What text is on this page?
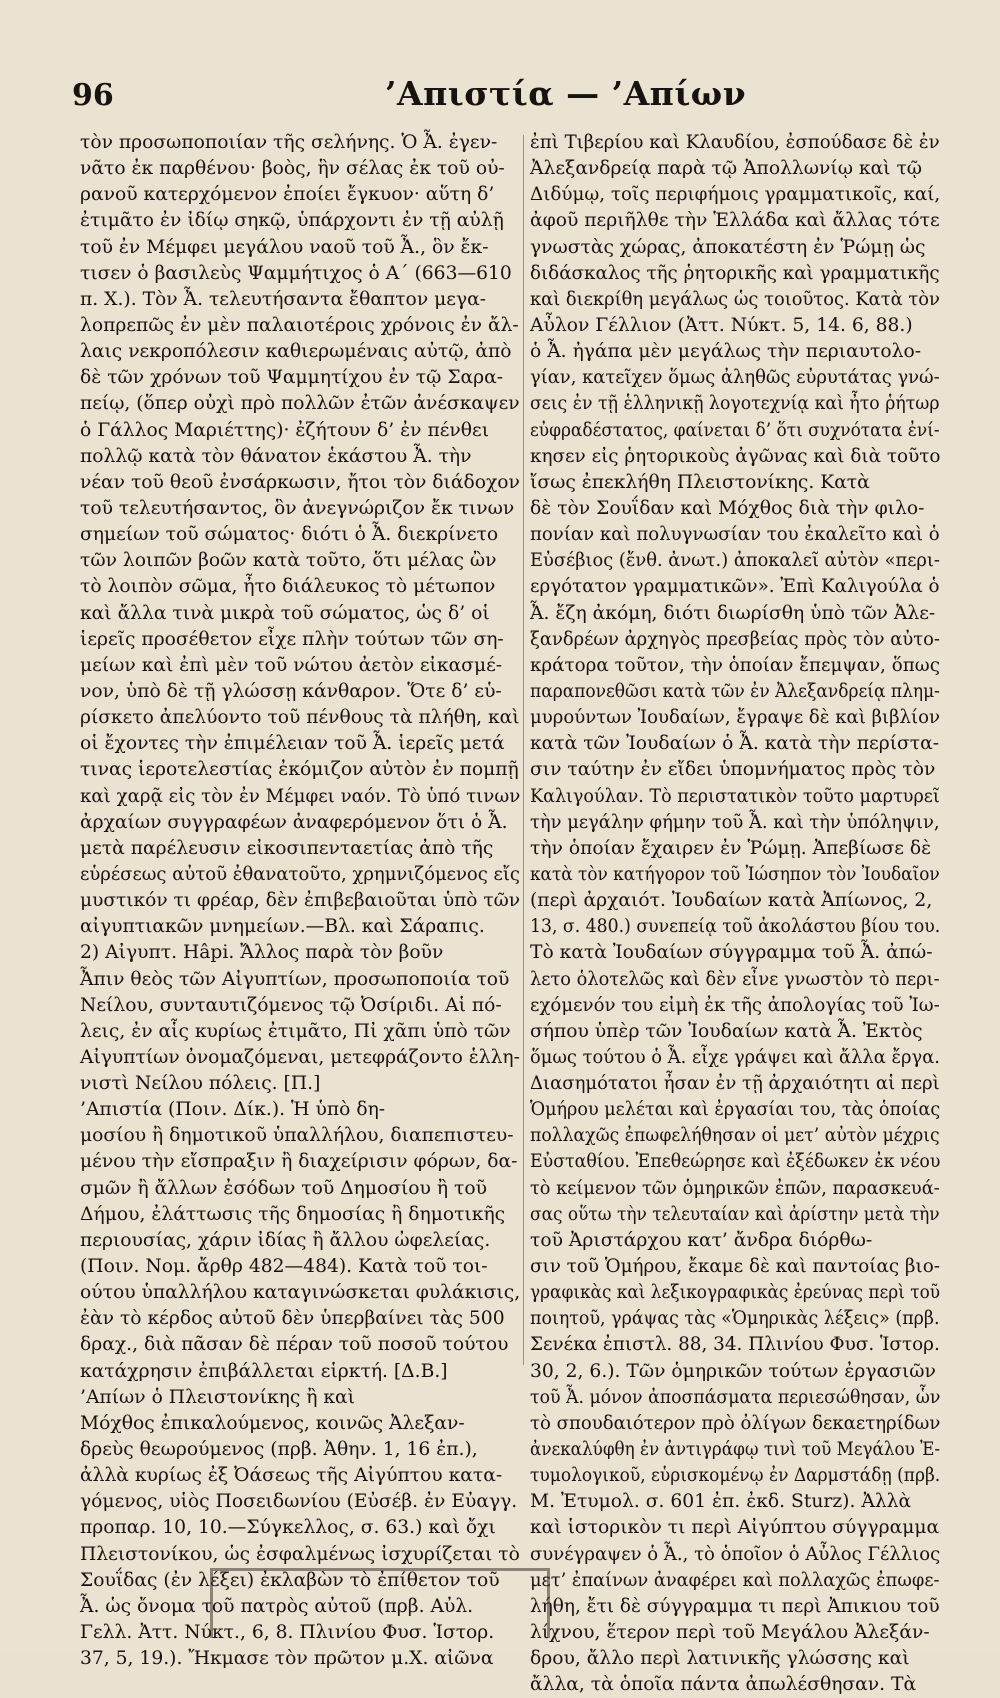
96	’Απιστία — ’Απίων
τὸν προσωποποιίαν τῆς σελήνης. Ὁ Ἆ. ἐγεν-
νᾶτο ἐκ παρθένου· βοὸς, ἣν σέλας ἐκ τοῦ οὐ-
ρανοῦ κατερχόμενον ἐποίει ἔγκυον· αὕτη δ’
ἐτιμᾶτο ἐν ἰδίῳ σηκῷ, ὑπάρχοντι ἐν τῇ αὐλῇ
τοῦ ἐν Μέμφει μεγάλου ναοῦ τοῦ Ἆ., ὃν ἔκ-
τισεν ὁ βασιλεὺς Ψαμμήτιχος ὁ Α΄ (663—610
π. Χ.). Τὸν Ἆ. τελευτήσαντα ἔθαπτον μεγα-
λοπρεπῶς ἐν μὲν παλαιοτέροις χρόνοις ἐν ἄλ-
λαις νεκροπόλεσιν καθιερωμέναις αὐτῷ, ἀπὸ
δὲ τῶν χρόνων τοῦ Ψαμμητίχου ἐν τῷ Σαρα-
πείῳ, (ὅπερ οὐχὶ πρὸ πολλῶν ἐτῶν ἀνέσκαψεν
ὁ Γάλλος Μαριέττης)· ἐζήτουν δ’ ἐν πένθει
πολλῷ κατὰ τὸν θάνατον ἑκάστου Ἆ. τὴν
νέαν τοῦ θεοῦ ἐνσάρκωσιν, ἤτοι τὸν διάδοχον
τοῦ τελευτήσαντος, ὃν ἀνεγνώριζον ἔκ τινων
σημείων τοῦ σώματος· διότι ὁ Ἆ. διεκρίνετο
τῶν λοιπῶν βοῶν κατὰ τοῦτο, ὅτι μέλας ὢν
τὸ λοιπὸν σῶμα, ἦτο διάλευκος τὸ μέτωπον
καὶ ἄλλα τινὰ μικρὰ τοῦ σώματος, ὡς δ’ οἱ
ἱερεῖς προσέθετον εἶχε πλὴν τούτων τῶν ση-
μείων καὶ ἐπὶ μὲν τοῦ νώτου ἀετὸν εἰκασμέ-
νον, ὑπὸ δὲ τῇ γλώσσῃ κάνθαρον. Ὅτε δ’ εὑ-
ρίσκετο ἀπελύοντο τοῦ πένθους τὰ πλήθη, καὶ
οἱ ἔχοντες τὴν ἐπιμέλειαν τοῦ Ἆ. ἱερεῖς μετά
τινας ἱεροτελεστίας ἐκόμιζον αὐτὸν ἐν πομπῇ
καὶ χαρᾷ εἰς τὸν ἐν Μέμφει ναόν. Τὸ ὑπό τινων
ἀρχαίων συγγραφέων ἀναφερόμενον ὅτι ὁ Ἆ.
μετὰ παρέλευσιν εἰκοσιπενταετίας ἀπὸ τῆς
εὑρέσεως αὐτοῦ ἐθανατοῦτο, χρημνιζόμενος εἴς
μυστικόν τι φρέαρ, δὲν ἐπιβεβαιοῦται ὑπὸ τῶν
αἰγυπτιακῶν μνημείων.—Βλ. καὶ Σάραπις.
2) Αἰγυπτ. Hâpi. Ἄλλος παρὰ τὸν βοῦν
Ἆπιν θεὸς τῶν Αἰγυπτίων, προσωποποιία τοῦ
Νείλου, συνταυτιζόμενος τῷ Ὀσίριδι. Αἱ πό-
λεις, ἐν αἷς κυρίως ἐτιμᾶτο, Πἰ χᾶπι ὑπὸ τῶν
Αἰγυπτίων ὀνομαζόμεναι, μετεφράζοντο ἑλλη-
νιστὶ Νείλου πόλεις. [Π.]
’Απιστία (Ποιν. Δίκ.). Ἡ ὑπὸ δη-
μοσίου ἢ δημοτικοῦ ὑπαλλήλου, διαπεπιστευ-
μένου τὴν εἴσπραξιν ἢ διαχείρισιν φόρων, δα-
σμῶν ἢ ἄλλων ἐσόδων τοῦ Δημοσίου ἢ τοῦ
Δήμου, ἐλάττωσις τῆς δημοσίας ἢ δημοτικῆς
περιουσίας, χάριν ἰδίας ἢ ἄλλου ὠφελείας.
(Ποιν. Νομ. ἄρθρ 482—484). Κατὰ τοῦ τοι-
ούτου ὑπαλλήλου καταγινώσκεται φυλάκισις,
ἐὰν τὸ κέρδος αὐτοῦ δὲν ὑπερβαίνει τὰς 500
δραχ., διὰ πᾶσαν δὲ πέραν τοῦ ποσοῦ τούτου
κατάχρησιν ἐπιβάλλεται εἱρκτή. [Δ.Β.]
’Απίων ὁ Πλειστονίκης ἢ καὶ
Μόχθος ἐπικαλούμενος, κοινῶς Ἀλεξαν-
δρεὺς θεωρούμενος (πρβ. Ἀθην. 1, 16 ἐπ.),
ἀλλὰ κυρίως ἐξ Ὀάσεως τῆς Αἰγύπτου κατα-
γόμενος, υἱὸς Ποσειδωνίου (Εὐσέβ. ἐν Εὐαγγ.
προπαρ. 10, 10.—Σύγκελλος, σ. 63.) καὶ ὄχι
Πλειστονίκου, ὡς ἐσφαλμένως ἰσχυρίζεται τὸ
Σουΐδας (ἐν λέξει) ἐκλαβὼν τὸ ἐπίθετον τοῦ
Ἆ. ὡς ὄνομα τοῦ πατρὸς αὐτοῦ (πρβ. Αὐλ.
Γελλ. Ἀττ. Νύκτ., 6, 8. Πλινίου Φυσ. Ἱστορ.
37, 5, 19.). Ἤκμασε τὸν πρῶτον μ.Χ. αἰῶνα
ἐπὶ Τιβερίου καὶ Κλαυδίου, ἐσπούδασε δὲ ἐν
Ἀλεξανδρείᾳ παρὰ τῷ Ἀπολλωνίῳ καὶ τῷ
Διδύμῳ, τοῖς περιφήμοις γραμματικοῖς, καί,
ἀφοῦ περιῆλθε τὴν Ἑλλάδα καὶ ἄλλας τότε
γνωστὰς χώρας, ἀποκατέστη ἐν Ῥώμῃ ὡς
διδάσκαλος τῆς ῥητορικῆς καὶ γραμματικῆς
καὶ διεκρίθη μεγάλως ὡς τοιοῦτος. Κατὰ τὸν
Αὖλον Γέλλιον (Ἀττ. Νύκτ. 5, 14. 6, 88.)
ὁ Ἆ. ἠγάπα μὲν μεγάλως τὴν περιαυτολο-
γίαν, κατεῖχεν ὅμως ἀληθῶς εὐρυτάτας γνώ-
σεις ἐν τῇ ἑλληνικῇ λογοτεχνίᾳ καὶ ἦτο ῥήτωρ
εὐφραδέστατος, φαίνεται δ’ ὅτι συχνότατα ἐνί-
κησεν εἰς ῥητορικοὺς ἀγῶνας καὶ διὰ τοῦτο
ἴσως ἐπεκλήθη Πλειστονίκης. Κατὰ
δὲ τὸν Σουΐδαν καὶ Μόχθος διὰ τὴν φιλο-
πονίαν καὶ πολυγνωσίαν του ἐκαλεῖτο καὶ ὁ
Εὐσέβιος (ἔνθ. ἀνωτ.) ἀποκαλεῖ αὐτὸν «περι-
εργότατον γραμματικῶν». Ἐπὶ Καλιγούλα ὁ
Ἆ. ἔζη ἀκόμη, διότι διωρίσθη ὑπὸ τῶν Ἀλε-
ξανδρέων ἀρχηγὸς πρεσβείας πρὸς τὸν αὐτο-
κράτορα τοῦτον, τὴν ὁποίαν ἔπεμψαν, ὅπως
παραπονεθῶσι κατὰ τῶν ἐν Ἀλεξανδρείᾳ πλημ-
μυρούντων Ἰουδαίων, ἔγραψε δὲ καὶ βιβλίον
κατὰ τῶν Ἰουδαίων ὁ Ἆ. κατὰ τὴν περίστα-
σιν ταύτην ἐν εἴδει ὑπομνήματος πρὸς τὸν
Καλιγούλαν. Τὸ περιστατικὸν τοῦτο μαρτυρεῖ
τὴν μεγάλην φήμην τοῦ Ἆ. καὶ τὴν ὑπόληψιν,
τὴν ὁποίαν ἔχαιρεν ἐν Ῥώμῃ. Ἀπεβίωσε δὲ
κατὰ τὸν κατήγορον τοῦ Ἰώσηπον τὸν Ἰουδαῖον
(περὶ ἀρχαιότ. Ἰουδαίων κατὰ Ἀπίωνος, 2,
13, σ. 480.) συνεπείᾳ τοῦ ἀκολάστου βίου του.
Τὸ κατὰ Ἰουδαίων σύγγραμμα τοῦ Ἆ. ἀπώ-
λετο ὁλοτελῶς καὶ δὲν εἶνε γνωστὸν τὸ περι-
εχόμενόν του εἰμὴ ἐκ τῆς ἀπολογίας τοῦ Ἰω-
σήπου ὑπὲρ τῶν Ἰουδαίων κατὰ Ἆ. Ἐκτὸς
ὅμως τούτου ὁ Ἆ. εἶχε γράψει καὶ ἄλλα ἔργα.
Διασημότατοι ἦσαν ἐν τῇ ἀρχαιότητι αἱ περὶ
Ὁμήρου μελέται καὶ ἐργασίαι του, τὰς ὁποίας
πολλαχῶς ἐπωφελήθησαν οἱ μετ’ αὐτὸν μέχρις
Εὐσταθίου. Ἐπεθεώρησε καὶ ἐξέδωκεν ἐκ νέου
τὸ κείμενον τῶν ὁμηρικῶν ἐπῶν, παρασκευά-
σας οὕτω τὴν τελευταίαν καὶ ἀρίστην μετὰ τὴν
τοῦ Ἀριστάρχου κατ’ ἄνδρα διόρθω-
σιν τοῦ Ὁμήρου, ἔκαμε δὲ καὶ παντοίας βιο-
γραφικὰς καὶ λεξικογραφικὰς ἐρεύνας περὶ τοῦ
ποιητοῦ, γράψας τὰς «Ὁμηρικὰς λέξεις» (πρβ.
Σενέκα ἐπιστλ. 88, 34. Πλινίου Φυσ. Ἱστορ.
30, 2, 6.). Τῶν ὁμηρικῶν τούτων ἐργασιῶν
τοῦ Ἆ. μόνον ἀποσπάσματα περιεσώθησαν, ὧν
τὸ σπουδαιότερον πρὸ ὀλίγων δεκαετηρίδων
ἀνεκαλύφθη ἐν ἀντιγράφῳ τινὶ τοῦ Μεγάλου Ἐ-
τυμολογικοῦ, εὑρισκομένῳ ἐν Δαρμστάδῃ (πρβ.
Μ. Ἐτυμολ. σ. 601 ἐπ. ἐκδ. Sturz). Ἀλλὰ
καὶ ἱστορικὸν τι περὶ Αἰγύπτου σύγγραμμα
συνέγραψεν ὁ Ἆ., τὸ ὁποῖον ὁ Αὖλος Γέλλιος
μετ’ ἐπαίνων ἀναφέρει καὶ πολλαχῶς ἐπωφε-
λήθη, ἔτι δὲ σύγγραμμα τι περὶ Ἀπικιου τοῦ
λίχνου, ἕτερον περὶ τοῦ Μεγάλου Ἀλεξάν-
δρου, ἄλλο περὶ λατινικῆς γλώσσης καὶ
ἄλλα, τὰ ὁποῖα πάντα ἀπωλέσθησαν. Τὰ
